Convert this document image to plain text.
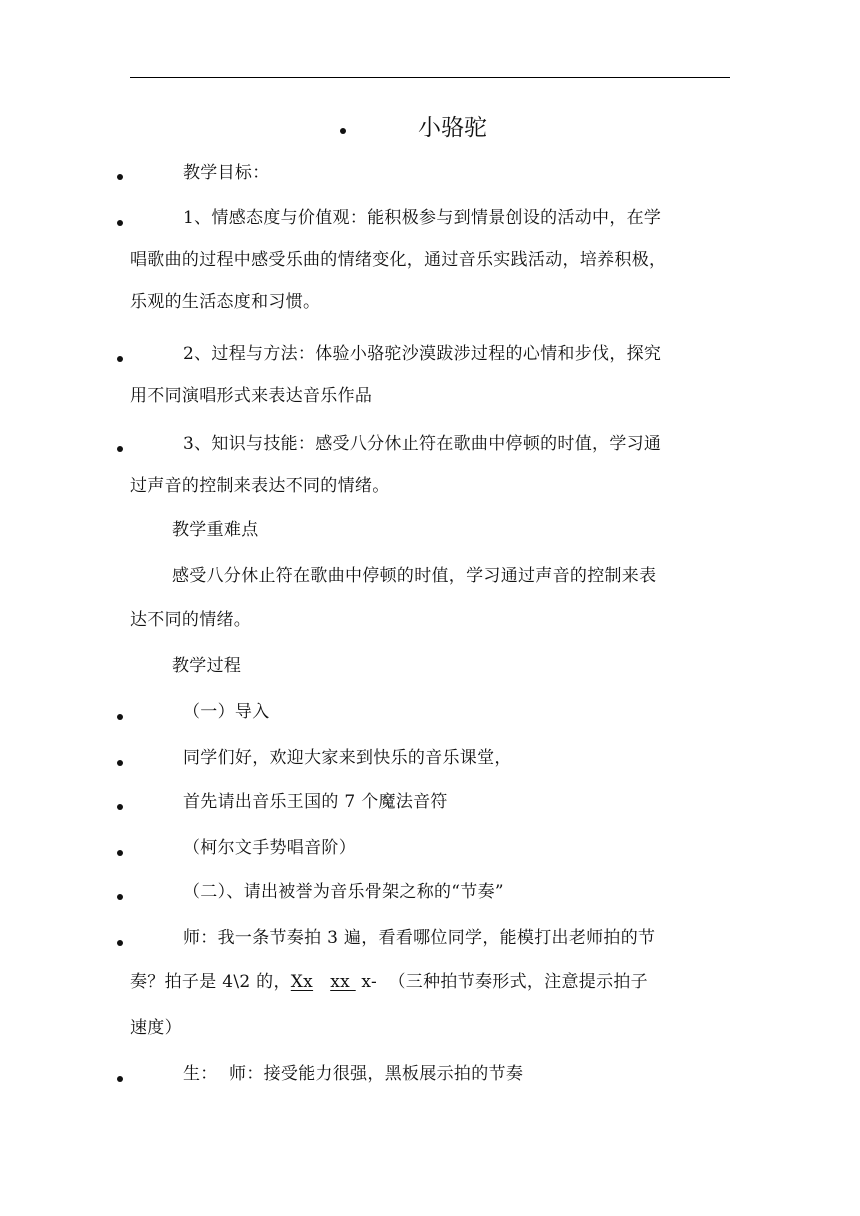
小骆驼
教学目标：
1、情感态度与价值观：能积极参与到情景创设的活动中，在学
唱歌曲的过程中感受乐曲的情绪变化，通过音乐实践活动，培养积极，
乐观的生活态度和习惯。
2、过程与方法：体验小骆驼沙漠跋涉过程的心情和步伐，探究
用不同演唱形式来表达音乐作品
3、知识与技能：感受八分休止符在歌曲中停顿的时值，学习通
过声音的控制来表达不同的情绪。
教学重难点
感受八分休止符在歌曲中停顿的时值，学习通过声音的控制来表
达不同的情绪。
教学过程
（一）导入
同学们好，欢迎大家来到快乐的音乐课堂，
首先请出音乐王国的 7 个魔法音符
（柯尔文手势唱音阶）
（二）、请出被誉为音乐骨架之称的“节奏”
师：我一条节奏拍 3 遍，看看哪位同学，能模打出老师拍的节
奏？拍子是 4\2 的，Xx xx x- （三种拍节奏形式，注意提示拍子
速度）
生： 师：接受能力很强，黑板展示拍的节奏
